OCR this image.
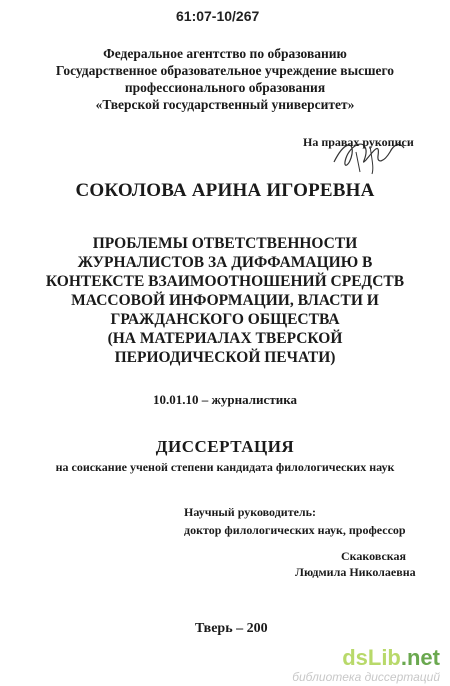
61:07-10/267
Федеральное агентство по образованию
Государственное образовательное учреждение высшего
профессионального образования
«Тверской государственный университет»
На правах рукописи
СОКОЛОВА АРИНА ИГОРЕВНА
ПРОБЛЕМЫ ОТВЕТСТВЕННОСТИ
ЖУРНАЛИСТОВ ЗА ДИФФАМАЦИЮ В
КОНТЕКСТЕ ВЗАИМООТНОШЕНИЙ СРЕДСТВ
МАССОВОЙ ИНФОРМАЦИИ, ВЛАСТИ И
ГРАЖДАНСКОГО ОБЩЕСТВА
(НА МАТЕРИАЛАХ ТВЕРСКОЙ
ПЕРИОДИЧЕСКОЙ ПЕЧАТИ)
10.01.10 – журналистика
ДИССЕРТАЦИЯ
на соискание ученой степени кандидата филологических наук
Научный руководитель:
доктор филологических наук, профессор
Скаковская
Людмила Николаевна
Тверь – 200
dsLib.net
библиотека диссертаций
